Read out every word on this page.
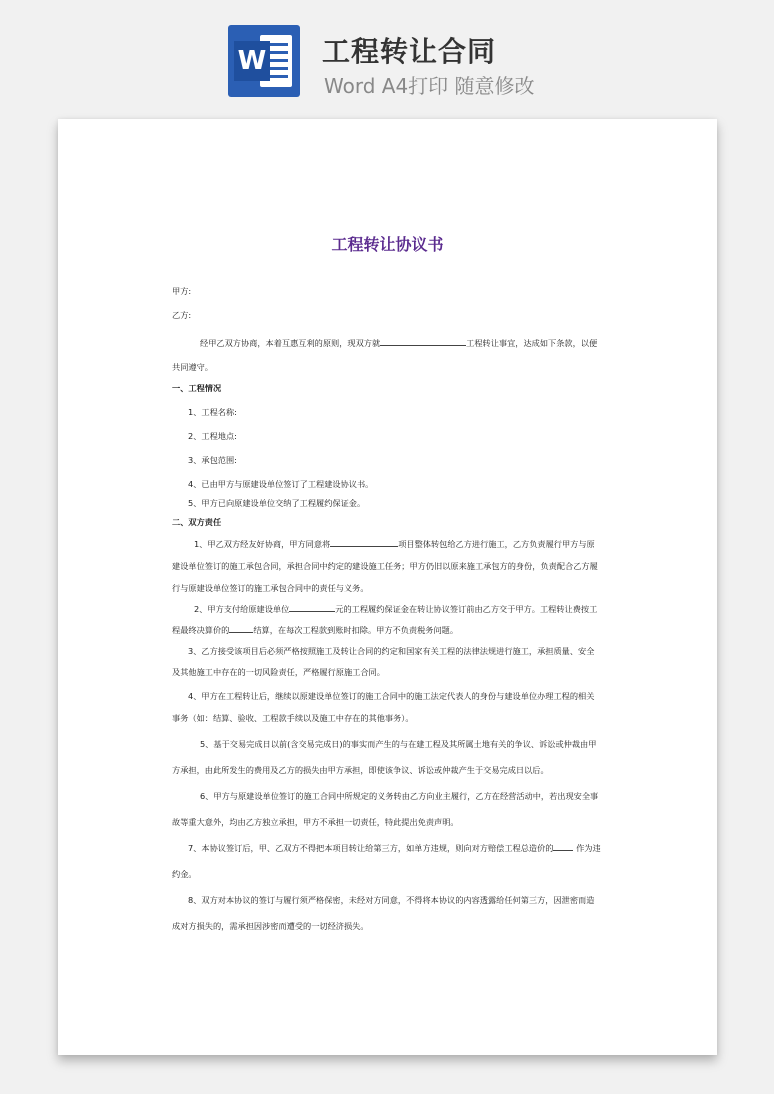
W 工程转让合同
Word A4打印 随意修改
工程转让协议书

甲方:

乙方:

经甲乙双方协商，本着互惠互利的原则，现双方就	工程转让事宜，达成如下条款，以便共同遵守。

一、工程情况

1、工程名称:

2、工程地点:

3、承包范围:

4、已由甲方与原建设单位签订了工程建设协议书。

5、甲方已向原建设单位交纳了工程履约保证金。

二、双方责任

1、甲乙双方经友好协商，甲方同意将	项目整体转包给乙方进行施工，乙方负责履行甲方与原建设单位签订的施工承包合同，承担合同中约定的建设施工任务；甲方仍旧以原来施工承包方的身份，负责配合乙方履行与原建设单位签订的施工承包合同中的责任与义务。

2、甲方支付给原建设单位	元的工程履约保证金在转让协议签订前由乙方交于甲方。工程转让费按工程最终决算价的	结算，在每次工程款到账时扣除。甲方不负责税务问题。

3、乙方接受该项目后必须严格按照施工及转让合同的约定和国家有关工程的法律法规进行施工，承担质量、安全及其他施工中存在的一切风险责任，严格履行原施工合同。

4、甲方在工程转让后，继续以原建设单位签订的施工合同中的施工法定代表人的身份与建设单位办理工程的相关事务（如：结算、验收、工程款手续以及施工中存在的其他事务）。

5、基于交易完成日以前(含交易完成日)的事实而产生的与在建工程及其所属土地有关的争议、诉讼或仲裁由甲方承担，由此所发生的费用及乙方的损失由甲方承担，即使该争议、诉讼或仲裁产生于交易完成日以后。

6、甲方与原建设单位签订的施工合同中所规定的义务转由乙方向业主履行，乙方在经营活动中，若出现安全事故等重大意外，均由乙方独立承担，甲方不承担一切责任，特此提出免责声明。

7、本协议签订后，甲、乙双方不得把本项目转让给第三方，如单方违规，则向对方赔偿工程总造价的	作为违约金。

8、双方对本协议的签订与履行须严格保密，未经对方同意，不得将本协议的内容透露给任何第三方，因泄密而造成对方损失的，需承担因涉密而遭受的一切经济损失。
